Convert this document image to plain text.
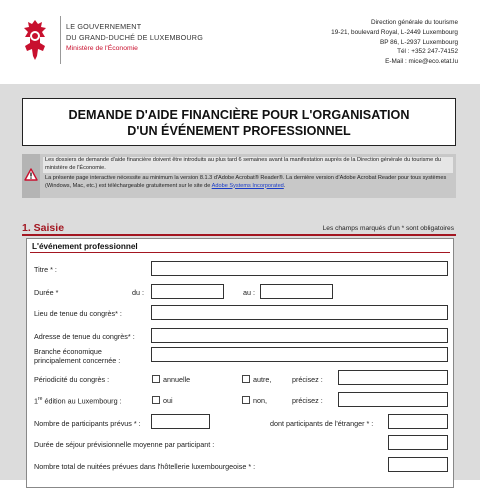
LE GOUVERNEMENT
DU GRAND-DUCHÉ DE LUXEMBOURG
Ministère de l'Économie
Direction générale du tourisme
19-21, boulevard Royal, L-2449 Luxembourg
BP 86, L-2937 Luxembourg
Tél : +352 247-74152
E-Mail : mice@eco.etat.lu
DEMANDE D'AIDE FINANCIÈRE POUR L'ORGANISATION
D'UN ÉVÉNEMENT PROFESSIONNEL
Les dossiers de demande d'aide financière doivent être introduits au plus tard 6 semaines avant la manifestation auprès de la Direction générale du tourisme du ministère de l'Économie.
La présente page interactive nécessite au minimum la version 8.1.3 d'Adobe Acrobat® Reader®. La dernière version d'Adobe Acrobat Reader pour tous systèmes (Windows, Mac, etc.) est téléchargeable gratuitement sur le site de Adobe Systems Incorporated.
1. Saisie	Les champs marqués d'un * sont obligatoires
L'événement professionnel
Titre * :
Durée *	du :	au :
Lieu de tenue du congrès* :
Adresse de tenue du congrès* :
Branche économique
principalement concernée :
Périodicité du congrès :	annuelle	autre,	précisez :
1re édition au Luxembourg :	oui	non,	précisez :
Nombre de participants prévus * :	dont participants de l'étranger * :
Durée de séjour prévisionnelle moyenne par participant :
Nombre total de nuitées prévues dans l'hôtellerie luxembourgeoise * :
